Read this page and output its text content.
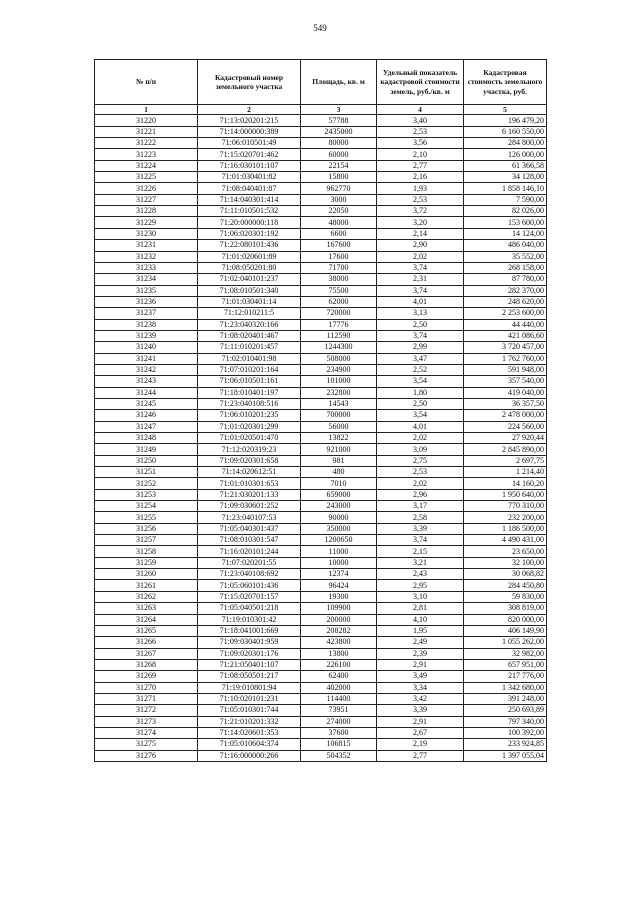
549
№ п/п	Кадастровый номер земельного участка	Площадь, кв. м	Удельный показатель кадастровой стоимости земель, руб./кв. м	Кадастровая стоимость земельного участка, руб.
1	2	3	4	5
31220	71:13:020201:215	57788	3,40	196 479,20
31221	71:14:000000:389	2435000	2,53	6 160 550,00
31222	71:06:010501:49	80000	3,56	284 800,00
31223	71:15:020701:462	60000	2,10	126 000,00
31224	71:16:030101:107	22154	2,77	61 366,58
31225	71:01:030401:82	15800	2,16	34 128,00
31226	71:08:040401:87	962770	1,93	1 858 146,10
31227	71:14:040301:414	3000	2,53	7 590,00
31228	71:11:010501:532	22050	3,72	82 026,00
31229	71:20:000000:118	48000	3,20	153 600,00
31230	71:06:020301:192	6600	2,14	14 124,00
31231	71:22:080101:436	167600	2,90	486 040,00
31232	71:01:020601:89	17600	2,02	35 552,00
31233	71:08:050201:80	71700	3,74	268 158,00
31234	71:02:040101:237	38000	2,31	87 780,00
31235	71:08:010501:340	75500	3,74	282 370,00
31236	71:01:030401:14	62000	4,01	248 620,00
31237	71:12:010211:5	720000	3,13	2 253 600,00
31238	71:23:040320:166	17776	2,50	44 440,00
31239	71:08:020401:467	112590	3,74	421 086,60
31240	71:11:010201:457	1244300	2,99	3 720 457,00
31241	71:02:010401:98	508000	3,47	1 762 760,00
31242	71:07:010201:164	234900	2,52	591 948,00
31243	71:06:010501:161	101000	3,54	357 540,00
31244	71:18:010401:197	232800	1,80	419 040,00
31245	71:23:040108:516	14543	2,50	36 357,50
31246	71:06:010201:235	700000	3,54	2 478 000,00
31247	71:01:020301:299	56000	4,01	224 560,00
31248	71:01:020501:470	13822	2,02	27 920,44
31249	71:12:020319:23	921000	3,09	2 845 890,00
31250	71:09:020301:658	981	2,75	2 697,75
31251	71:14:020612:51	480	2,53	1 214,40
31252	71:01:010301:653	7010	2,02	14 160,20
31253	71:21:030201:133	659000	2,96	1 950 640,00
31254	71:09:030601:252	243000	3,17	770 310,00
31255	71:23:040107:53	90000	2,58	232 200,00
31256	71:05:040301:437	350000	3,39	1 186 500,00
31257	71:08:010301:547	1200650	3,74	4 490 431,00
31258	71:16:020101:244	11000	2,15	23 650,00
31259	71:07:020201:55	10000	3,21	32 100,00
31260	71:23:040108:692	12374	2,43	30 068,82
31261	71:05:060101:436	96424	2,95	284 450,80
31262	71:15:020701:157	19300	3,10	59 830,00
31263	71:05:040501:218	109900	2,81	308 819,00
31264	71:19:010301:42	200000	4,10	820 000,00
31265	71:18:041001:669	208282	1,95	406 149,90
31266	71:09:030401:959	423800	2,49	1 055 262,00
31267	71:09:020301:176	13800	2,39	32 982,00
31268	71:21:050401:107	226100	2,91	657 951,00
31269	71:08:050501:217	62400	3,49	217 776,00
31270	71:19:010801:94	402000	3,34	1 342 680,00
31271	71:10:020101:231	114400	3,42	391 248,00
31272	71:05:010301:744	73951	3,39	250 693,89
31273	71:21:010201:332	274000	2,91	797 340,00
31274	71:14:020601:353	37600	2,67	100 392,00
31275	71:05:010604:374	106815	2,19	233 924,85
31276	71:16:000000:266	504352	2,77	1 397 055,04
